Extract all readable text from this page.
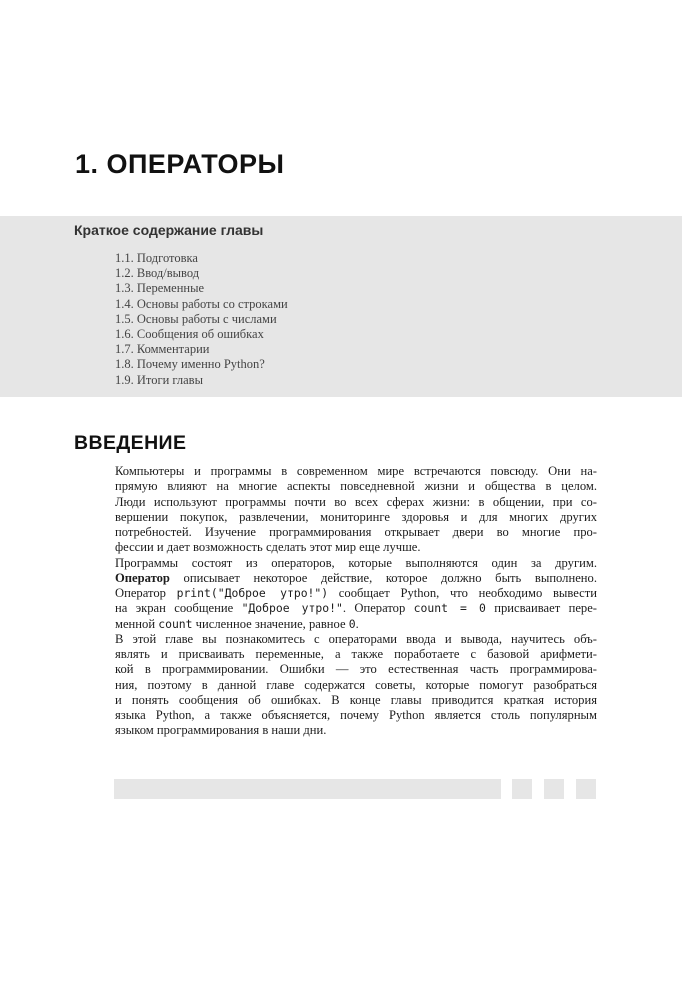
1. ОПЕРАТОРЫ
Краткое содержание главы
1.1. Подготовка
1.2. Ввод/вывод
1.3. Переменные
1.4. Основы работы со строками
1.5. Основы работы с числами
1.6. Сообщения об ошибках
1.7. Комментарии
1.8. Почему именно Python?
1.9. Итоги главы
ВВЕДЕНИЕ
Компьютеры и программы в современном мире встречаются повсюду. Они на-
прямую влияют на многие аспекты повседневной жизни и общества в целом.
Люди используют программы почти во всех сферах жизни: в общении, при со-
вершении покупок, развлечении, мониторинге здоровья и для многих других
потребностей. Изучение программирования открывает двери во многие про-
фессии и дает возможность сделать этот мир еще лучше.
Программы состоят из операторов, которые выполняются один за другим.
Оператор описывает некоторое действие, которое должно быть выполнено.
Оператор print("Доброе утро!") сообщает Python, что необходимо вывести
на экран сообщение "Доброе утро!". Оператор count = 0 присваивает пере-
менной count численное значение, равное 0.
В этой главе вы познакомитесь с операторами ввода и вывода, научитесь объ-
являть и присваивать переменные, а также поработаете с базовой арифмети-
кой в программировании. Ошибки — это естественная часть программирова-
ния, поэтому в данной главе содержатся советы, которые помогут разобраться
и понять сообщения об ошибках. В конце главы приводится краткая история
языка Python, а также объясняется, почему Python является столь популярным
языком программирования в наши дни.
